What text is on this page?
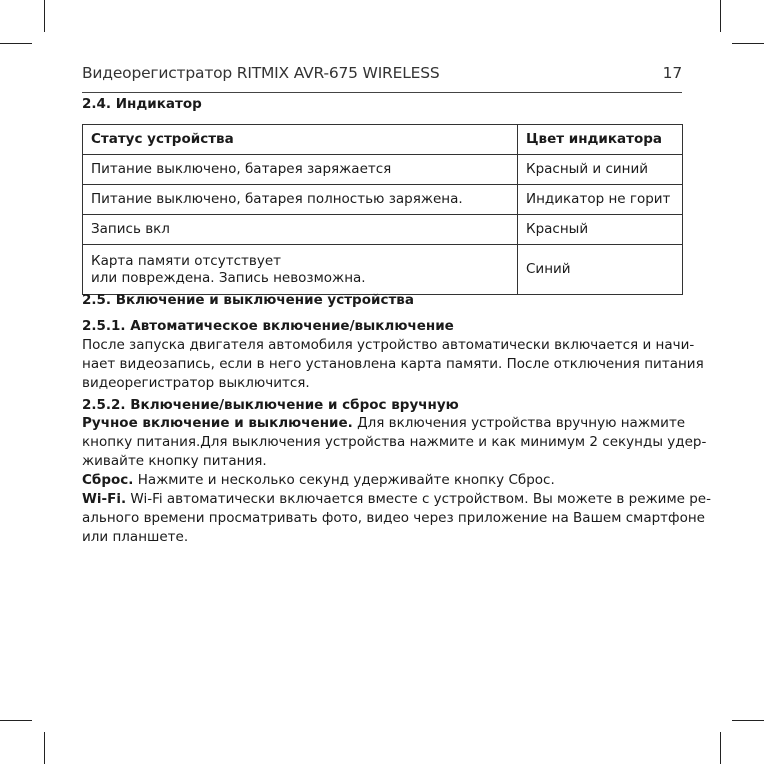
Видеорегистратор RITMIX AVR-675 WIRELESS	17
2.4. Индикатор
Статус устройства	Цвет индикатора
Питание выключено, батарея заряжается	Красный и синий
Питание выключено, батарея полностью заряжена.	Индикатор не горит
Запись вкл	Красный
Карта памяти отсутствует
или повреждена. Запись невозможна.	Синий
2.5. Включение и выключение устройства
2.5.1. Автоматическое включение/выключение
После запуска двигателя автомобиля устройство автоматически включается и начи-
нает видеозапись, если в него установлена карта памяти. После отключения питания
видеорегистратор выключится.
2.5.2. Включение/выключение и сброс вручную
Ручное включение и выключение. Для включения устройства вручную нажмите
кнопку питания.Для выключения устройства нажмите и как минимум 2 секунды удер-
живайте кнопку питания.
Сброс. Нажмите и несколько секунд удерживайте кнопку Сброс.
Wi-Fi. Wi-Fi автоматически включается вместе с устройством. Вы можете в режиме ре-
ального времени просматривать фото, видео через приложение на Вашем смартфоне
или планшете.
